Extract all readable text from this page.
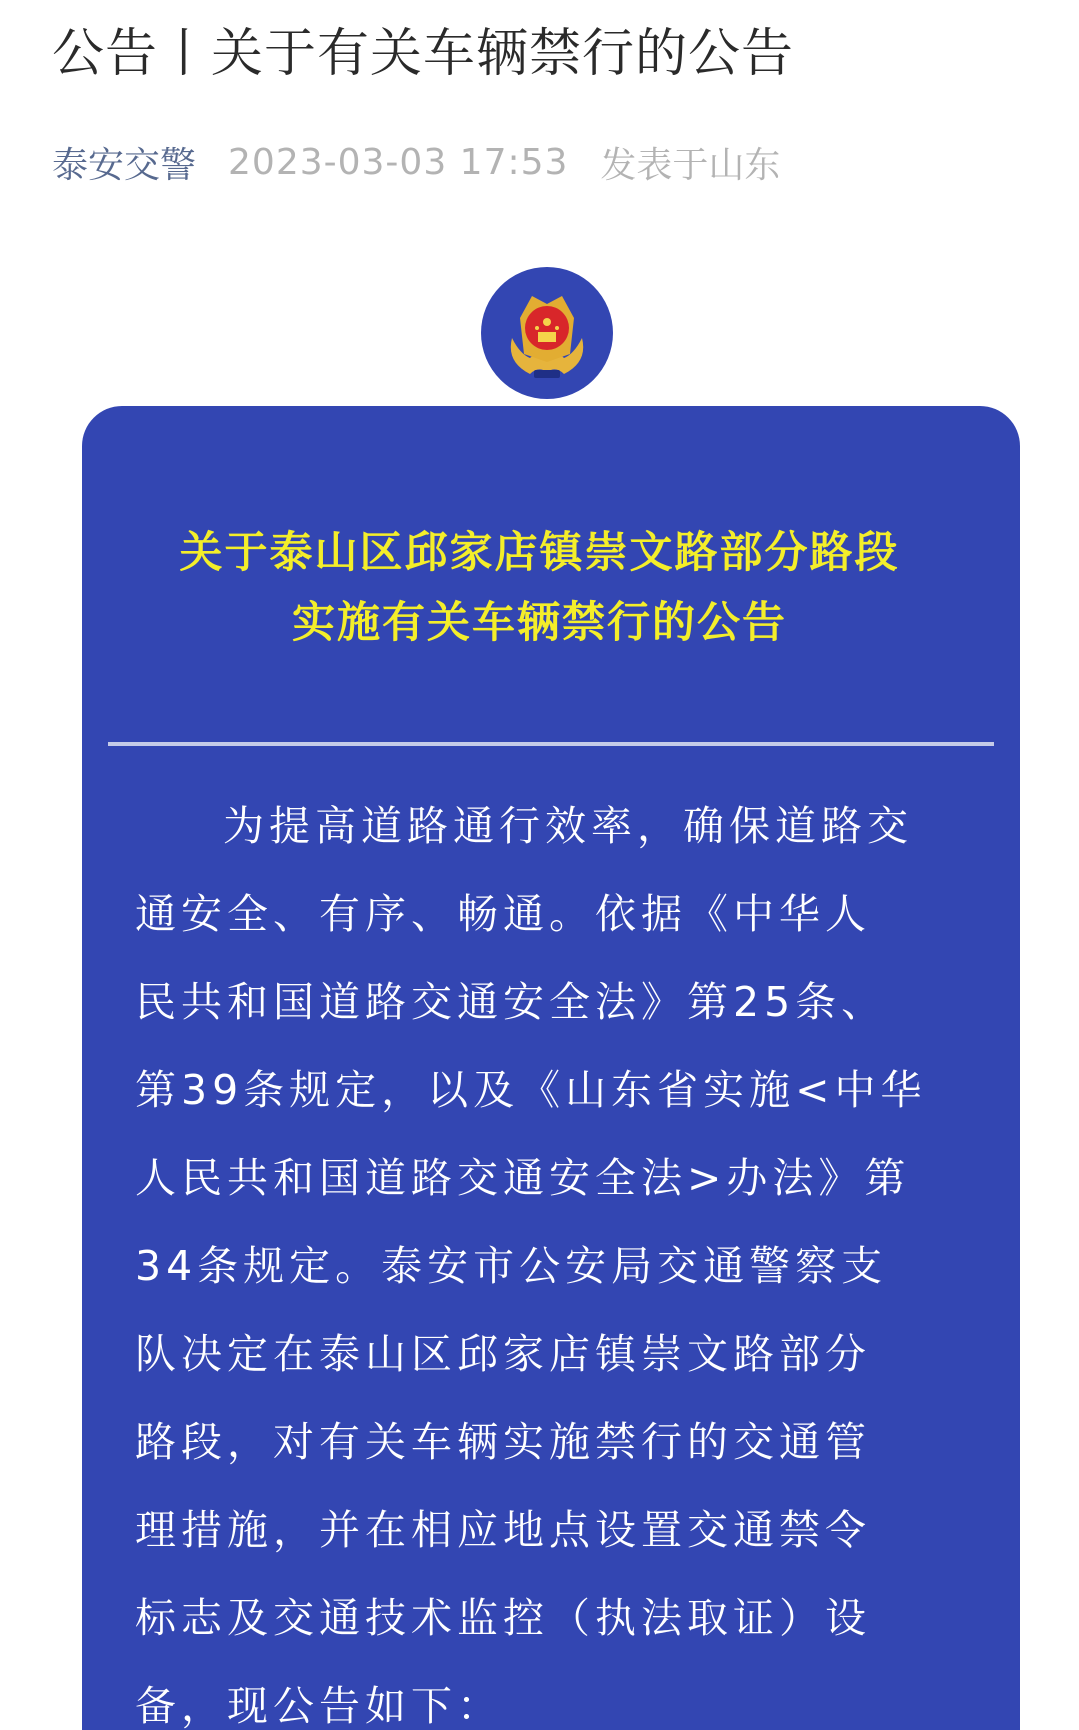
公告丨关于有关车辆禁行的公告
泰安交警 2023-03-03 17:53 发表于山东
关于泰山区邱家店镇崇文路部分路段
实施有关车辆禁行的公告
为提高道路通行效率，确保道路交
通安全、有序、畅通。依据《中华人
民共和国道路交通安全法》第25条、
第39条规定，以及《山东省实施<中华
人民共和国道路交通安全法>办法》第
34条规定。泰安市公安局交通警察支
队决定在泰山区邱家店镇崇文路部分
路段，对有关车辆实施禁行的交通管
理措施，并在相应地点设置交通禁令
标志及交通技术监控（执法取证）设
备，现公告如下：
